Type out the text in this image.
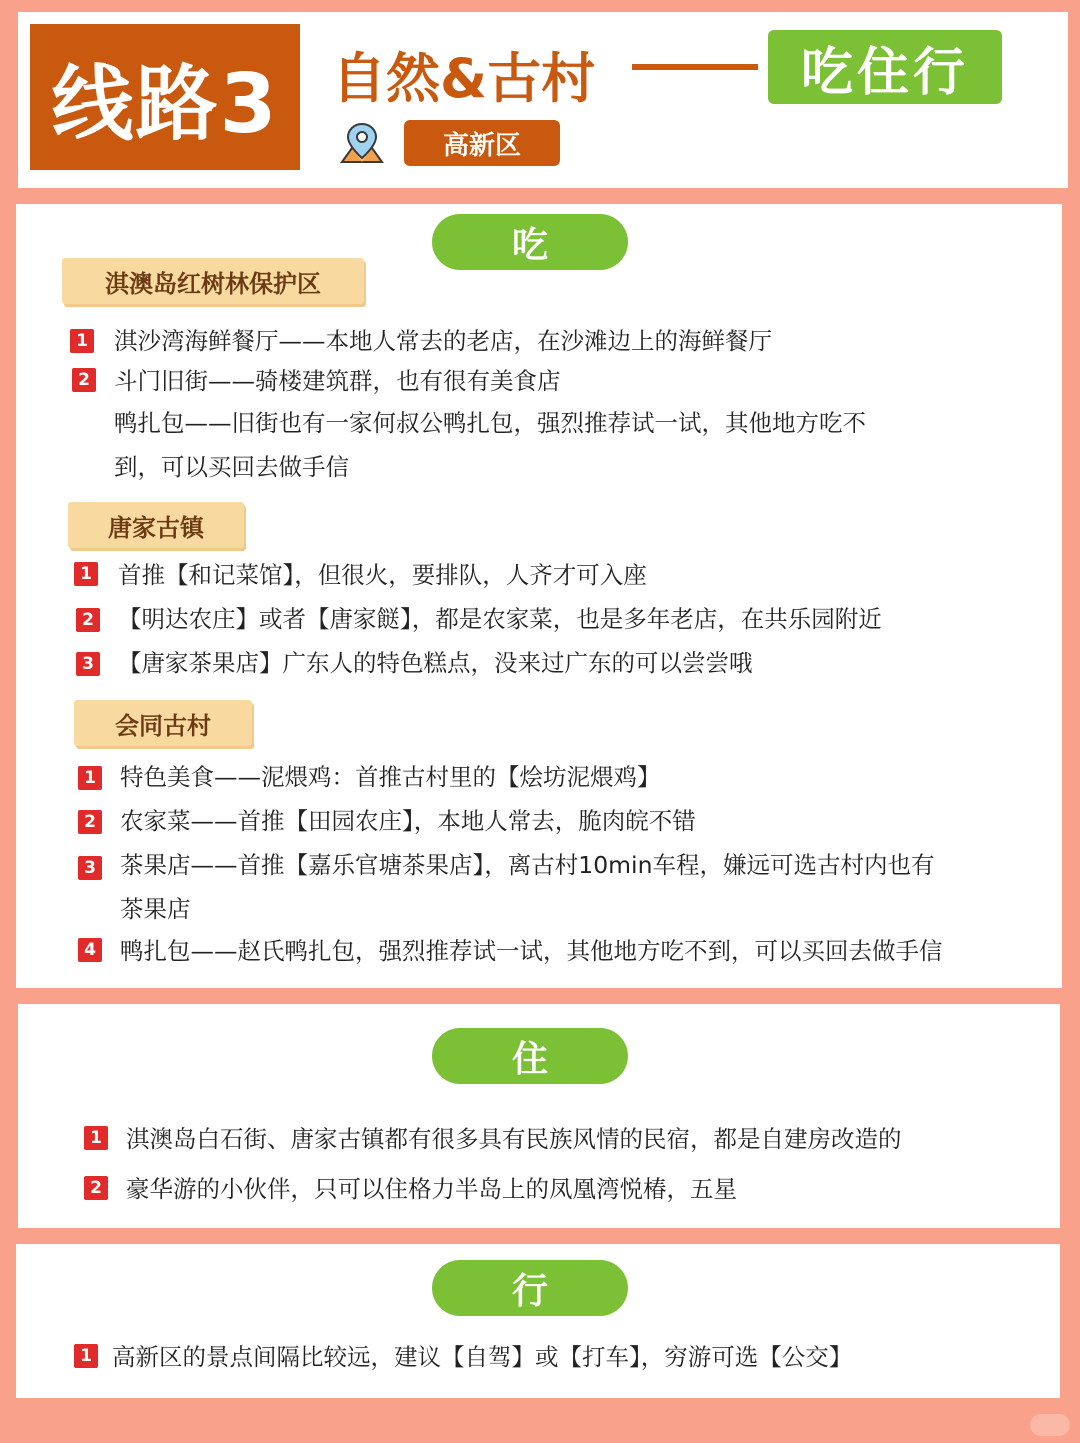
线路3 自然&古村	吃住行
高新区
吃
淇澳岛红树林保护区
1 淇沙湾海鲜餐厅——本地人常去的老店，在沙滩边上的海鲜餐厅
2 斗门旧街——骑楼建筑群，也有很有美食店
鸭扎包——旧街也有一家何叔公鸭扎包，强烈推荐试一试，其他地方吃不
到，可以买回去做手信
唐家古镇
1 首推【和记菜馆】，但很火，要排队，人齐才可入座
2 【明达农庄】或者【唐家餸】，都是农家菜，也是多年老店，在共乐园附近
3 【唐家茶果店】广东人的特色糕点，没来过广东的可以尝尝哦
会同古村
1 特色美食——泥煨鸡：首推古村里的【烩坊泥煨鸡】
2 农家菜——首推【田园农庄】，本地人常去，脆肉皖不错
3 茶果店——首推【嘉乐官塘茶果店】，离古村10min车程，嫌远可选古村内也有
茶果店
4 鸭扎包——赵氏鸭扎包，强烈推荐试一试，其他地方吃不到，可以买回去做手信
住
1 淇澳岛白石街、唐家古镇都有很多具有民族风情的民宿，都是自建房改造的
2 豪华游的小伙伴，只可以住格力半岛上的凤凰湾悦椿，五星
行
1 高新区的景点间隔比较远，建议【自驾】或【打车】，穷游可选【公交】
